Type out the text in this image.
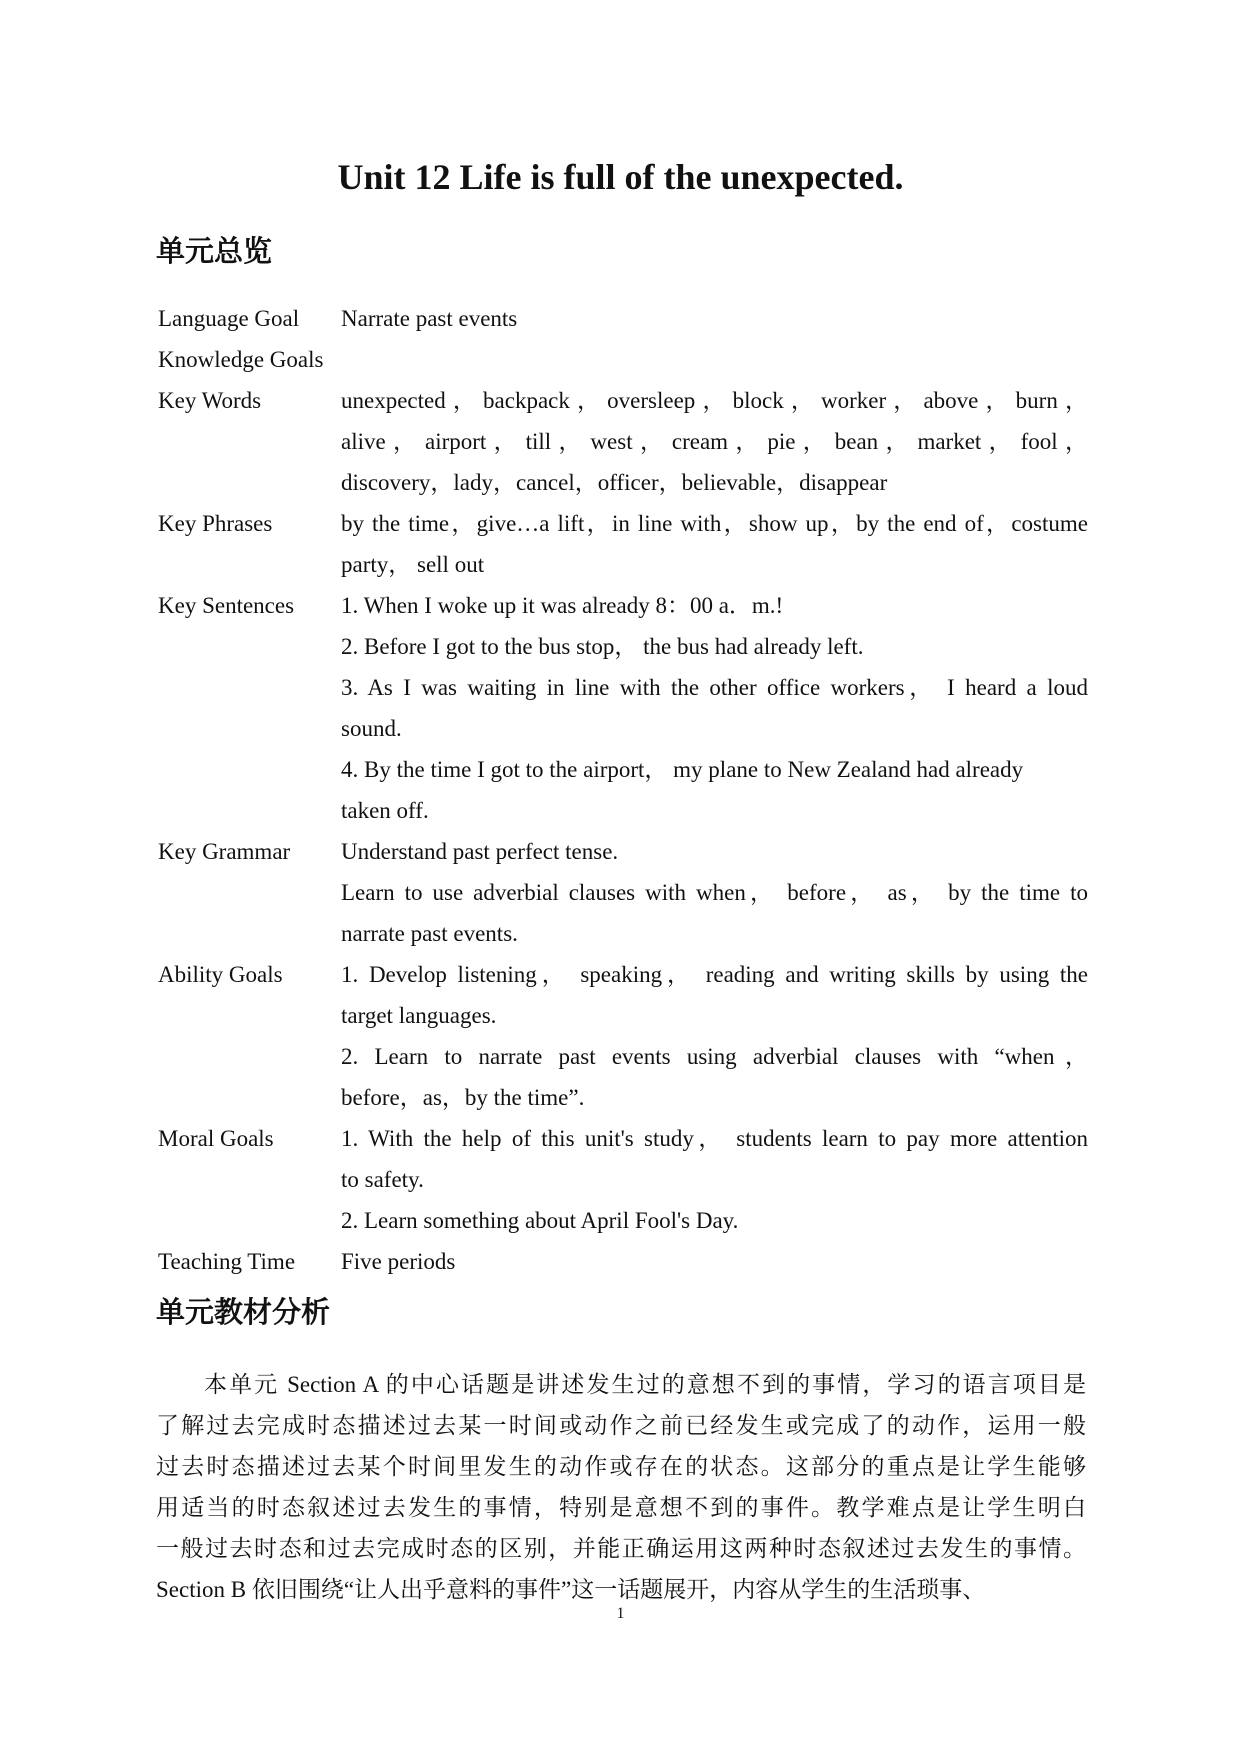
Unit 12 Life is full of the unexpected.
单元总览
Language Goal	Narrate past events
Knowledge Goals
Key Words	unexpected，backpack，oversleep，block，worker，above，burn，
alive ， airport ， till ， west ， cream ， pie ， bean ， market ， fool ，
discovery，lady，cancel，officer，believable，disappear
Key Phrases	by the time，give…a lift，in line with，show up，by the end of，costume
party， sell out
Key Sentences	1. When I woke up it was already 8：00 a．m.!
2. Before I got to the bus stop， the bus had already left.
3. As I was waiting in line with the other office workers， I heard a loud
sound.
4. By the time I got to the airport， my plane to New Zealand had already
taken off.
Key Grammar	Understand past perfect tense.
Learn to use adverbial clauses with when， before， as， by the time to
narrate past events.
Ability Goals	1. Develop listening， speaking， reading and writing skills by using the
target languages.
2. Learn to narrate past events using adverbial clauses with “when，
before，as，by the time”.
Moral Goals	1. With the help of this unit's study， students learn to pay more attention
to safety.
2. Learn something about April Fool's Day.
Teaching Time	Five periods
单元教材分析
本单元 Section A 的中心话题是讲述发生过的意想不到的事情，学习的语言项目是
了解过去完成时态描述过去某一时间或动作之前已经发生或完成了的动作，运用一般
过去时态描述过去某个时间里发生的动作或存在的状态。这部分的重点是让学生能够
用适当的时态叙述过去发生的事情，特别是意想不到的事件。教学难点是让学生明白
一般过去时态和过去完成时态的区别，并能正确运用这两种时态叙述过去发生的事情。
Section B 依旧围绕“让人出乎意料的事件”这一话题展开，内容从学生的生活琐事、
1
